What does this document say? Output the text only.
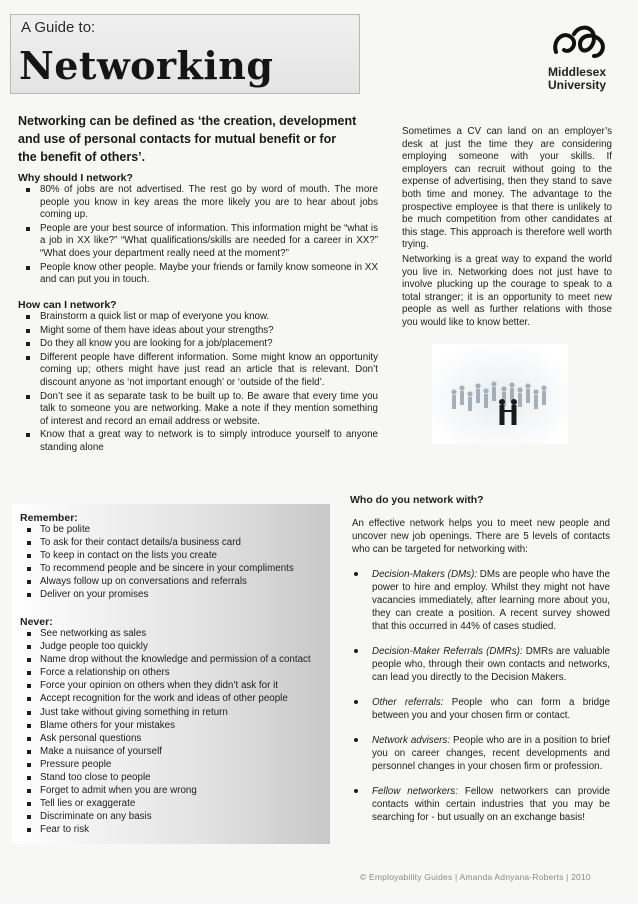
A Guide to:
Networking	Middlesex
University
Networking can be defined as ‘the creation, development and use of personal contacts for mutual benefit or for the benefit of others’.
Why should I network?
80% of jobs are not advertised. The rest go by word of mouth. The more people you know in key areas the more likely you are to hear about jobs coming up.
People are your best source of information. This information might be “what is a job in XX like?” “What qualifications/skills are needed for a career in XX?” “What does your department really need at the moment?”
People know other people. Maybe your friends or family know someone in XX and can put you in touch.
How can I network?
Brainstorm a quick list or map of everyone you know.
Might some of them have ideas about your strengths?
Do they all know you are looking for a job/placement?
Different people have different information. Some might know an opportunity coming up; others might have just read an article that is relevant. Don’t discount anyone as ‘not important enough’ or ‘outside of the field’.
Don’t see it as separate task to be built up to. Be aware that every time you talk to someone you are networking. Make a note if they mention something of interest and record an email address or website.
Know that a great way to network is to simply introduce yourself to anyone standing alone
Sometimes a CV can land on an employer’s desk at just the time they are considering employing someone with your skills. If employers can recruit without going to the expense of advertising, then they stand to save both time and money. The advantage to the prospective employee is that there is unlikely to be much competition from other candidates at this stage. This approach is therefore well worth trying.
Networking is a great way to expand the world you live in. Networking does not just have to involve plucking up the courage to speak to a total stranger; it is an opportunity to meet new people as well as further relations with those you would like to know better.
Remember:
To be polite
To ask for their contact details/a business card
To keep in contact on the lists you create
To recommend people and be sincere in your compliments
Always follow up on conversations and referrals
Deliver on your promises
Never:
See networking as sales
Judge people too quickly
Name drop without the knowledge and permission of a contact
Force a relationship on others
Force your opinion on others when they didn’t ask for it
Accept recognition for the work and ideas of other people
Just take without giving something in return
Blame others for your mistakes
Ask personal questions
Make a nuisance of yourself
Pressure people
Stand too close to people
Forget to admit when you are wrong
Tell lies or exaggerate
Discriminate on any basis
Fear to risk
Who do you network with?
An effective network helps you to meet new people and uncover new job openings. There are 5 levels of contacts who can be targeted for networking with:
Decision-Makers (DMs): DMs are people who have the power to hire and employ. Whilst they might not have vacancies immediately, after learning more about you, they can create a position. A recent survey showed that this occurred in 44% of cases studied.
Decision-Maker Referrals (DMRs): DMRs are valuable people who, through their own contacts and networks, can lead you directly to the Decision Makers.
Other referrals: People who can form a bridge between you and your chosen firm or contact.
Network advisers: People who are in a position to brief you on career changes, recent developments and personnel changes in your chosen firm or profession.
Fellow networkers: Fellow networkers can provide contacts within certain industries that you may be searching for - but usually on an exchange basis!
© Employability Guides | Amanda Adnyana-Roberts | 2010
